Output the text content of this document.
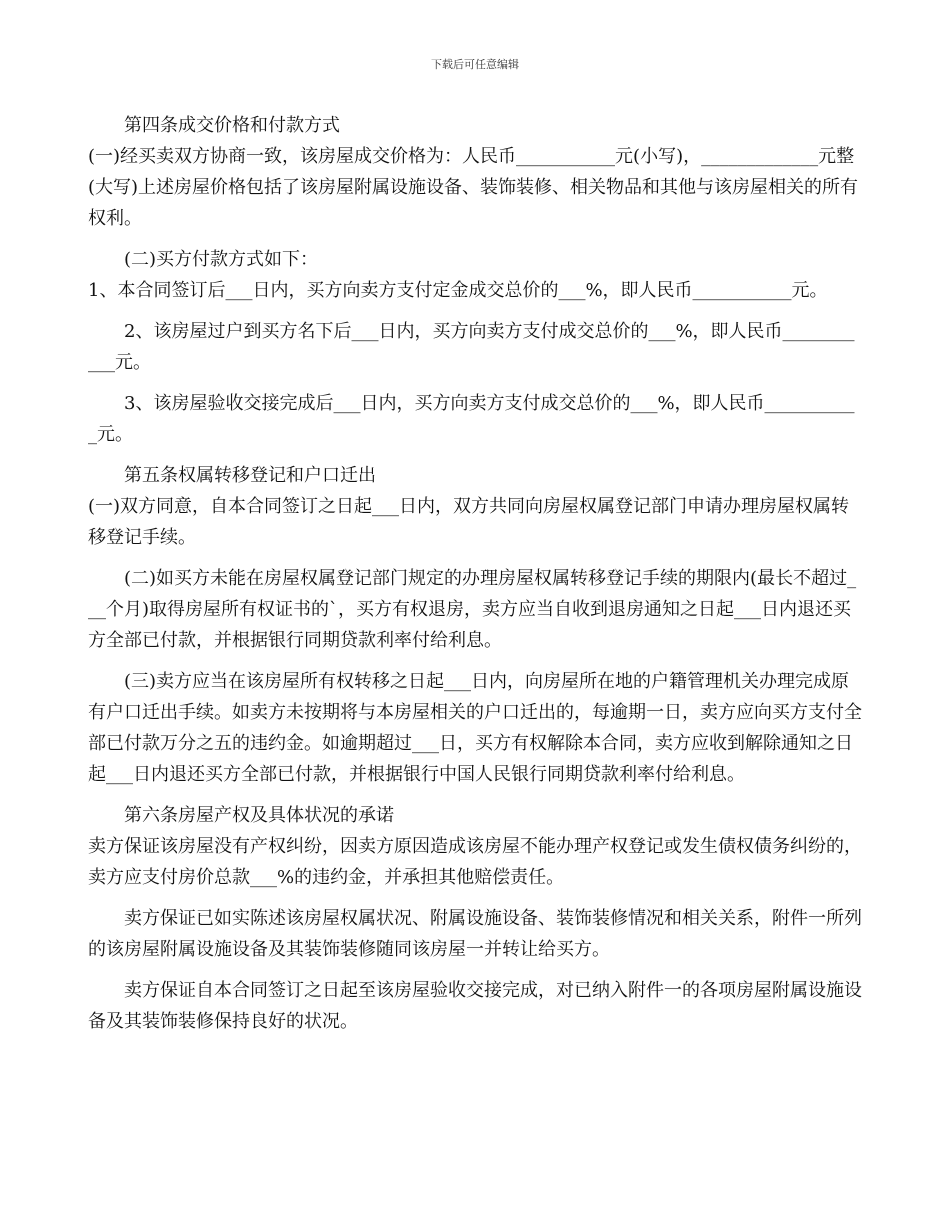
下载后可任意编辑

第四条成交价格和付款方式

(一)经买卖双方协商一致，该房屋成交价格为：人民币___________元(小写)，_____________元整(大写)上述房屋价格包括了该房屋附属设施设备、装饰装修、相关物品和其他与该房屋相关的所有权利。

(二)买方付款方式如下：

1、本合同签订后___日内，买方向卖方支付定金成交总价的___%，即人民币___________元。

2、该房屋过户到买方名下后___日内，买方向卖方支付成交总价的___%，即人民币___________元。

3、该房屋验收交接完成后___日内，买方向卖方支付成交总价的___%，即人民币___________元。

第五条权属转移登记和户口迁出

(一)双方同意，自本合同签订之日起___日内，双方共同向房屋权属登记部门申请办理房屋权属转移登记手续。

(二)如买方未能在房屋权属登记部门规定的办理房屋权属转移登记手续的期限内(最长不超过___个月)取得房屋所有权证书的`，买方有权退房，卖方应当自收到退房通知之日起___日内退还买方全部已付款，并根据银行同期贷款利率付给利息。

(三)卖方应当在该房屋所有权转移之日起___日内，向房屋所在地的户籍管理机关办理完成原有户口迁出手续。如卖方未按期将与本房屋相关的户口迁出的，每逾期一日，卖方应向买方支付全部已付款万分之五的违约金。如逾期超过___日，买方有权解除本合同，卖方应收到解除通知之日起___日内退还买方全部已付款，并根据银行中国人民银行同期贷款利率付给利息。

第六条房屋产权及具体状况的承诺

卖方保证该房屋没有产权纠纷，因卖方原因造成该房屋不能办理产权登记或发生债权债务纠纷的，卖方应支付房价总款___%的违约金，并承担其他赔偿责任。

卖方保证已如实陈述该房屋权属状况、附属设施设备、装饰装修情况和相关关系，附件一所列的该房屋附属设施设备及其装饰装修随同该房屋一并转让给买方。

卖方保证自本合同签订之日起至该房屋验收交接完成，对已纳入附件一的各项房屋附属设施设备及其装饰装修保持良好的状况。
